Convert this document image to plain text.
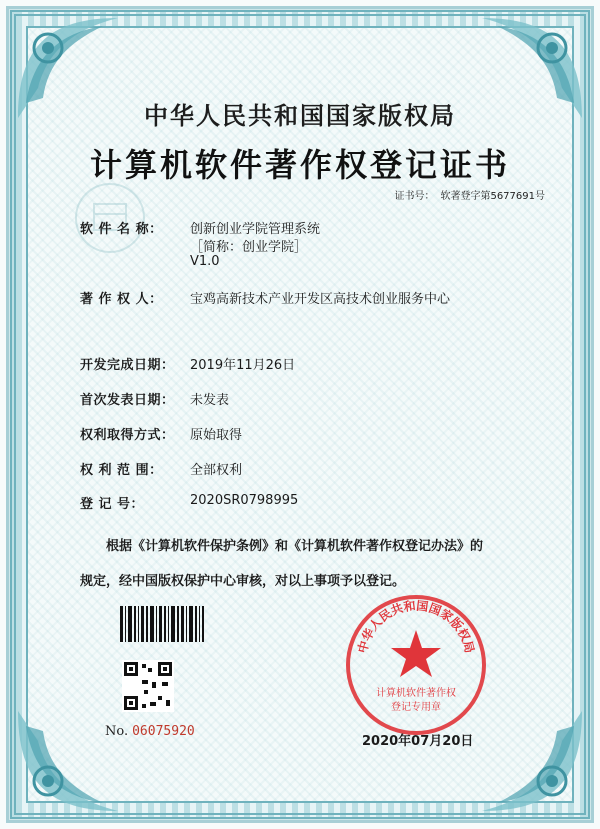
中华人民共和国国家版权局
计算机软件著作权登记证书
证书号： 软著登字第5677691号
软 件 名 称：	创新创业学院管理系统
［简称：创业学院］
V1.0
著 作 权 人：	宝鸡高新技术产业开发区高技术创业服务中心
开发完成日期：	2019年11月26日
首次发表日期：	未发表
权利取得方式：	原始取得
权 利 范 围：	全部权利
登 记 号：	2020SR0798995
根据《计算机软件保护条例》和《计算机软件著作权登记办法》的
规定，经中国版权保护中心审核，对以上事项予以登记。
No. 06075920
中华人民共和国国家版权局
计算机软件著作权
登记专用章
2020年07月20日
